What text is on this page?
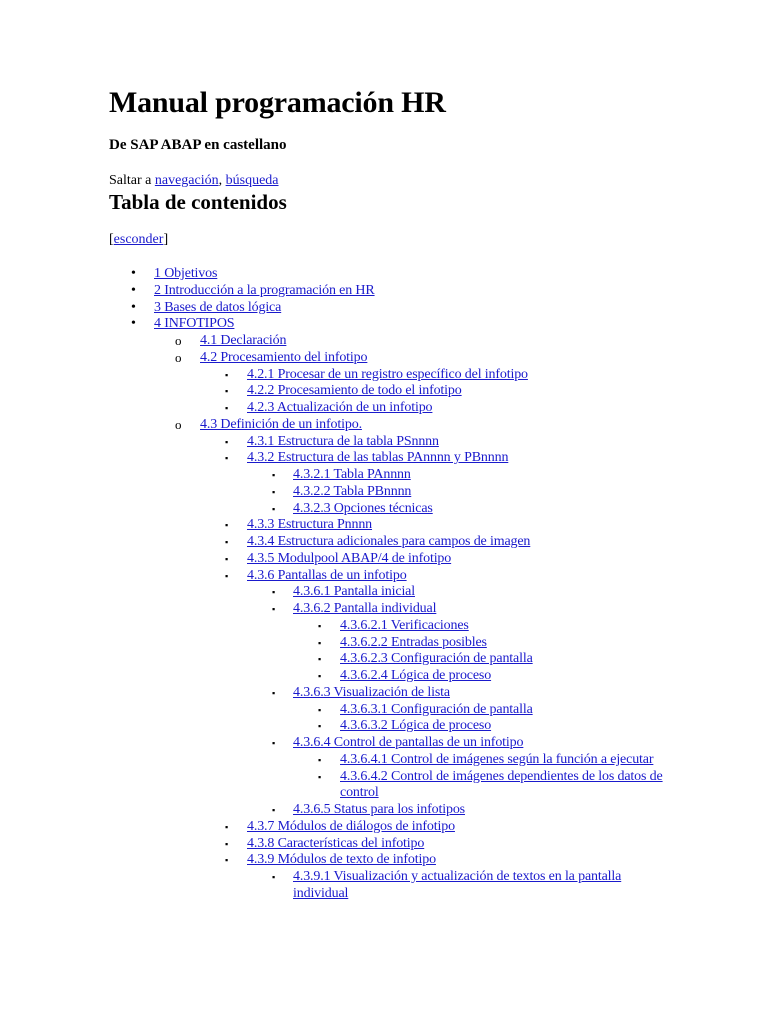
Manual programación HR
De SAP ABAP en castellano
Saltar a navegación, búsqueda
Tabla de contenidos
[esconder]
• 1 Objetivos
• 2 Introducción a la programación en HR
• 3 Bases de datos lógica
• 4 INFOTIPOS
o 4.1 Declaración
o 4.2 Procesamiento del infotipo
▪ 4.2.1 Procesar de un registro específico del infotipo
▪ 4.2.2 Procesamiento de todo el infotipo
▪ 4.2.3 Actualización de un infotipo
o 4.3 Definición de un infotipo.
▪ 4.3.1 Estructura de la tabla PSnnnn
▪ 4.3.2 Estructura de las tablas PAnnnn y PBnnnn
▪ 4.3.2.1 Tabla PAnnnn
▪ 4.3.2.2 Tabla PBnnnn
▪ 4.3.2.3 Opciones técnicas
▪ 4.3.3 Estructura Pnnnn
▪ 4.3.4 Estructura adicionales para campos de imagen
▪ 4.3.5 Modulpool ABAP/4 de infotipo
▪ 4.3.6 Pantallas de un infotipo
▪ 4.3.6.1 Pantalla inicial
▪ 4.3.6.2 Pantalla individual
▪ 4.3.6.2.1 Verificaciones
▪ 4.3.6.2.2 Entradas posibles
▪ 4.3.6.2.3 Configuración de pantalla
▪ 4.3.6.2.4 Lógica de proceso
▪ 4.3.6.3 Visualización de lista
▪ 4.3.6.3.1 Configuración de pantalla
▪ 4.3.6.3.2 Lógica de proceso
▪ 4.3.6.4 Control de pantallas de un infotipo
▪ 4.3.6.4.1 Control de imágenes según la función a ejecutar
▪ 4.3.6.4.2 Control de imágenes dependientes de los datos de control
▪ 4.3.6.5 Status para los infotipos
▪ 4.3.7 Módulos de diálogos de infotipo
▪ 4.3.8 Características del infotipo
▪ 4.3.9 Módulos de texto de infotipo
▪ 4.3.9.1 Visualización y actualización de textos en la pantalla individual
